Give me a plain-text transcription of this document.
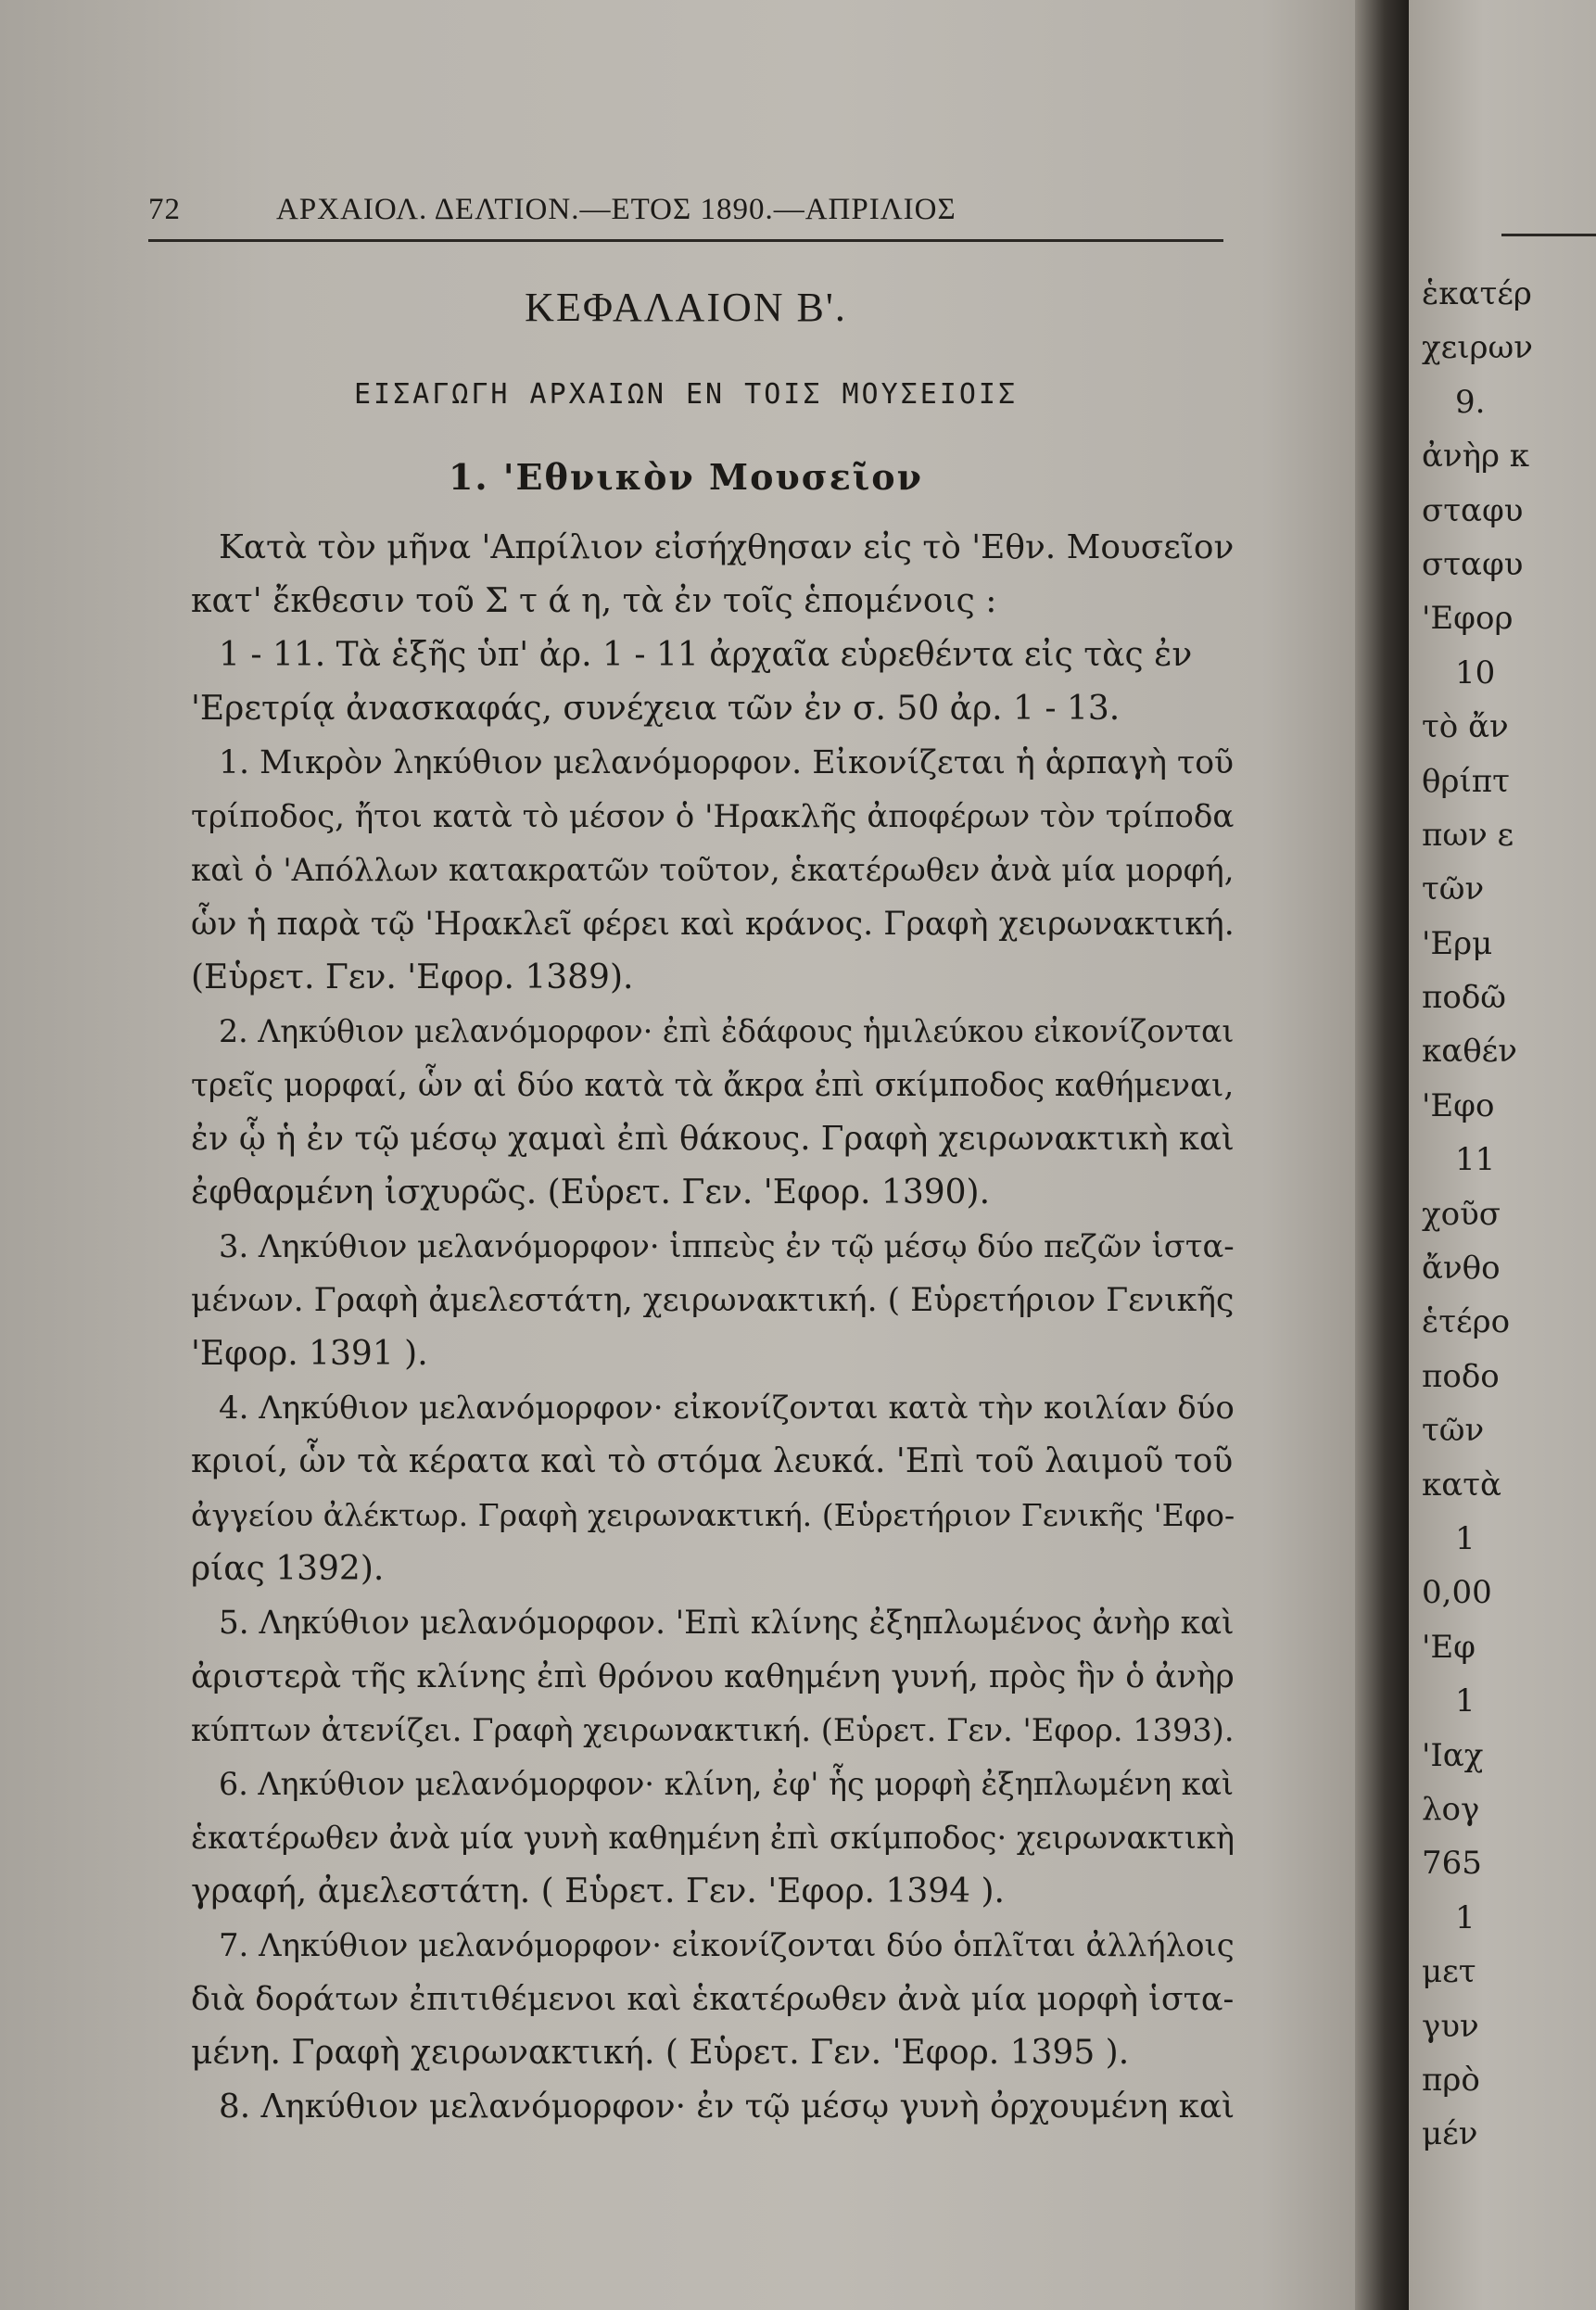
72	ΑΡΧΑΙΟΛ. ΔΕΛΤΙΟΝ.—ΕΤΟΣ 1890.—ΑΠΡΙΛΙΟΣ
ΚΕΦΑΛΑΙΟΝ Β'.
ΕΙΣΑΓΩΓΗ ΑΡΧΑΙΩΝ ΕΝ ΤΟΙΣ ΜΟΥΣΕΙΟΙΣ
1. 'Εθνικὸν Μουσεῖον
Κατὰ τὸν μῆνα 'Απρίλιον εἰσήχθησαν εἰς τὸ 'Εθν. Μουσεῖον
κατ' ἔκθεσιν τοῦ Σ τ ά η, τὰ ἐν τοῖς ἑπομένοις :
1 - 11. Τὰ ἑξῆς ὑπ' ἀρ. 1 - 11 ἀρχαῖα εὑρεθέντα εἰς τὰς ἐν
'Ερετρίᾳ ἀνασκαφάς, συνέχεια τῶν ἐν σ. 50 ἀρ. 1 - 13.
1. Μικρὸν ληκύθιον μελανόμορφον. Εἰκονίζεται ἡ ἁρπαγὴ τοῦ
τρίποδος, ἤτοι κατὰ τὸ μέσον ὁ 'Ηρακλῆς ἀποφέρων τὸν τρίποδα
καὶ ὁ 'Απόλλων κατακρατῶν τοῦτον, ἑκατέρωθεν ἀνὰ μία μορφή,
ὧν ἡ παρὰ τῷ 'Ηρακλεῖ φέρει καὶ κράνος. Γραφὴ χειρωνακτική.
(Εὑρετ. Γεν. 'Εφορ. 1389).
2. Ληκύθιον μελανόμορφον· ἐπὶ ἐδάφους ἡμιλεύκου εἰκονίζονται
τρεῖς μορφαί, ὧν αἱ δύο κατὰ τὰ ἄκρα ἐπὶ σκίμποδος καθήμεναι,
ἐν ᾧ ἡ ἐν τῷ μέσῳ χαμαὶ ἐπὶ θάκους. Γραφὴ χειρωνακτικὴ καὶ
ἐφθαρμένη ἰσχυρῶς. (Εὑρετ. Γεν. 'Εφορ. 1390).
3. Ληκύθιον μελανόμορφον· ἱππεὺς ἐν τῷ μέσῳ δύο πεζῶν ἱστα-
μένων. Γραφὴ ἀμελεστάτη, χειρωνακτική. ( Εὑρετήριον Γενικῆς
'Εφορ. 1391 ).
4. Ληκύθιον μελανόμορφον· εἰκονίζονται κατὰ τὴν κοιλίαν δύο
κριοί, ὧν τὰ κέρατα καὶ τὸ στόμα λευκά. 'Επὶ τοῦ λαιμοῦ τοῦ
ἀγγείου ἀλέκτωρ. Γραφὴ χειρωνακτική. (Εὑρετήριον Γενικῆς 'Εφο-
ρίας 1392).
5. Ληκύθιον μελανόμορφον. 'Επὶ κλίνης ἐξηπλωμένος ἀνὴρ καὶ
ἀριστερὰ τῆς κλίνης ἐπὶ θρόνου καθημένη γυνή, πρὸς ἣν ὁ ἀνὴρ
κύπτων ἀτενίζει. Γραφὴ χειρωνακτική. (Εὑρετ. Γεν. 'Εφορ. 1393).
6. Ληκύθιον μελανόμορφον· κλίνη, ἐφ' ἧς μορφὴ ἐξηπλωμένη καὶ
ἑκατέρωθεν ἀνὰ μία γυνὴ καθημένη ἐπὶ σκίμποδος· χειρωνακτικὴ
γραφή, ἀμελεστάτη. ( Εὑρετ. Γεν. 'Εφορ. 1394 ).
7. Ληκύθιον μελανόμορφον· εἰκονίζονται δύο ὁπλῖται ἀλλήλοις
διὰ δοράτων ἐπιτιθέμενοι καὶ ἑκατέρωθεν ἀνὰ μία μορφὴ ἱστα-
μένη. Γραφὴ χειρωνακτική. ( Εὑρετ. Γεν. 'Εφορ. 1395 ).
8. Ληκύθιον μελανόμορφον· ἐν τῷ μέσῳ γυνὴ ὀρχουμένη καὶ
ἑκατέρ
χειρων
9.
ἀνὴρ κ
σταφυ
σταφυ
'Εφορ
10
τὸ ἄν
θρίπτ
πων ε
τῶν
'Ερμ
ποδῶ
καθέν
'Εφο
11
χοῦσ
ἄνθο
ἑτέρο
ποδο
τῶν
κατὰ
1
0,00
'Εφ
1
'Ιαχ
λογ
765
1
μετ
γυν
πρὸ
μέν
